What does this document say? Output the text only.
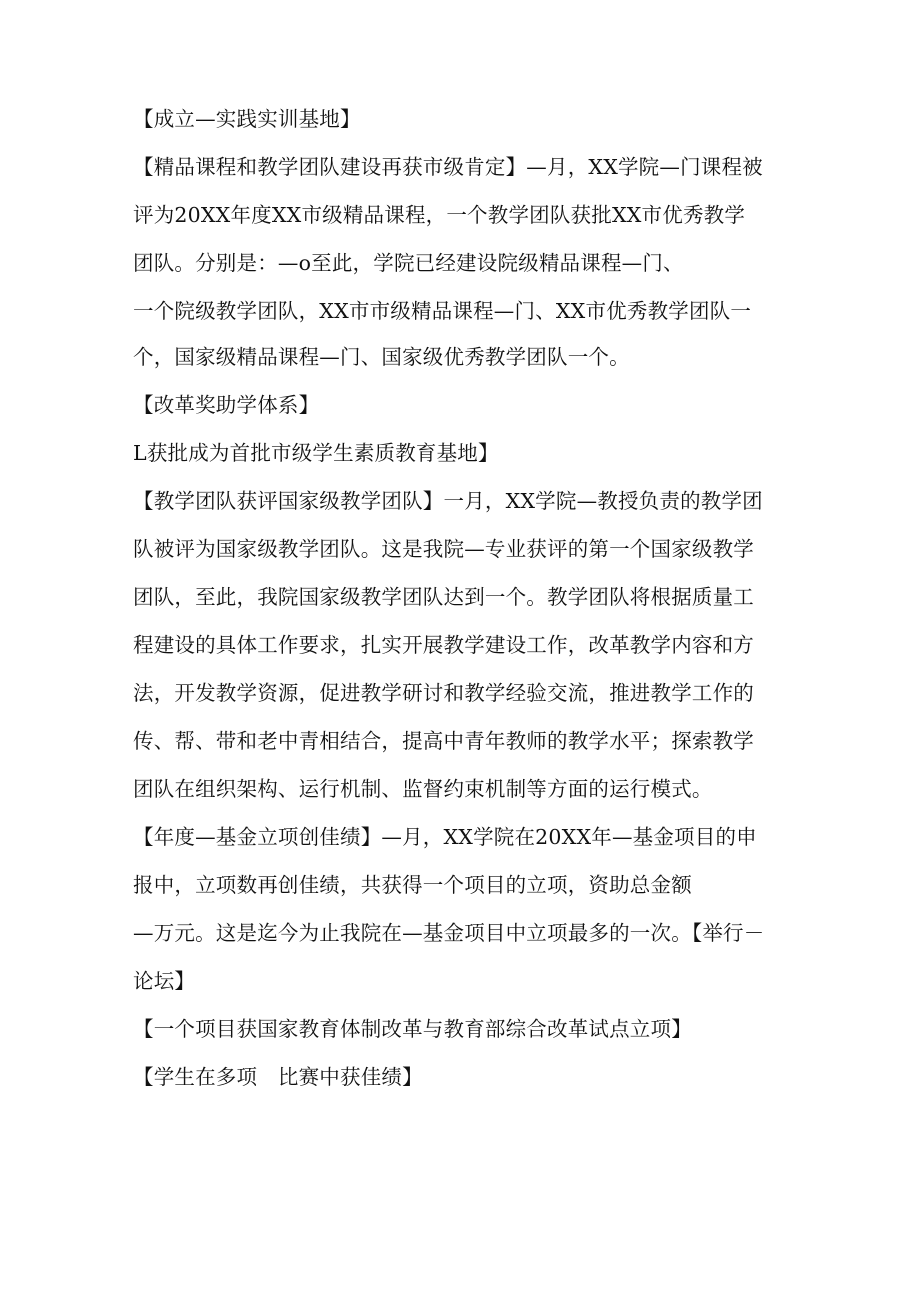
【成立—实践实训基地】
【精品课程和教学团队建设再获市级肯定】—月，XX学院—门课程被
评为20XX年度XX市级精品课程，一个教学团队获批XX市优秀教学
团队。分别是：—o至此，学院已经建设院级精品课程—门、
一个院级教学团队，XX市市级精品课程—门、XX市优秀教学团队一
个，国家级精品课程—门、国家级优秀教学团队一个。
【改革奖助学体系】
L获批成为首批市级学生素质教育基地】
【教学团队获评国家级教学团队】一月，XX学院—教授负责的教学团
队被评为国家级教学团队。这是我院—专业获评的第一个国家级教学
团队，至此，我院国家级教学团队达到一个。教学团队将根据质量工
程建设的具体工作要求，扎实开展教学建设工作，改革教学内容和方
法，开发教学资源，促进教学研讨和教学经验交流，推进教学工作的
传、帮、带和老中青相结合，提高中青年教师的教学水平；探索教学
团队在组织架构、运行机制、监督约束机制等方面的运行模式。
【年度—基金立项创佳绩】—月，XX学院在20XX年—基金项目的申
报中，立项数再创佳绩，共获得一个项目的立项，资助总金额
—万元。这是迄今为止我院在—基金项目中立项最多的一次。【举行－
论坛】
【一个项目获国家教育体制改革与教育部综合改革试点立项】
【学生在多项　比赛中获佳绩】
